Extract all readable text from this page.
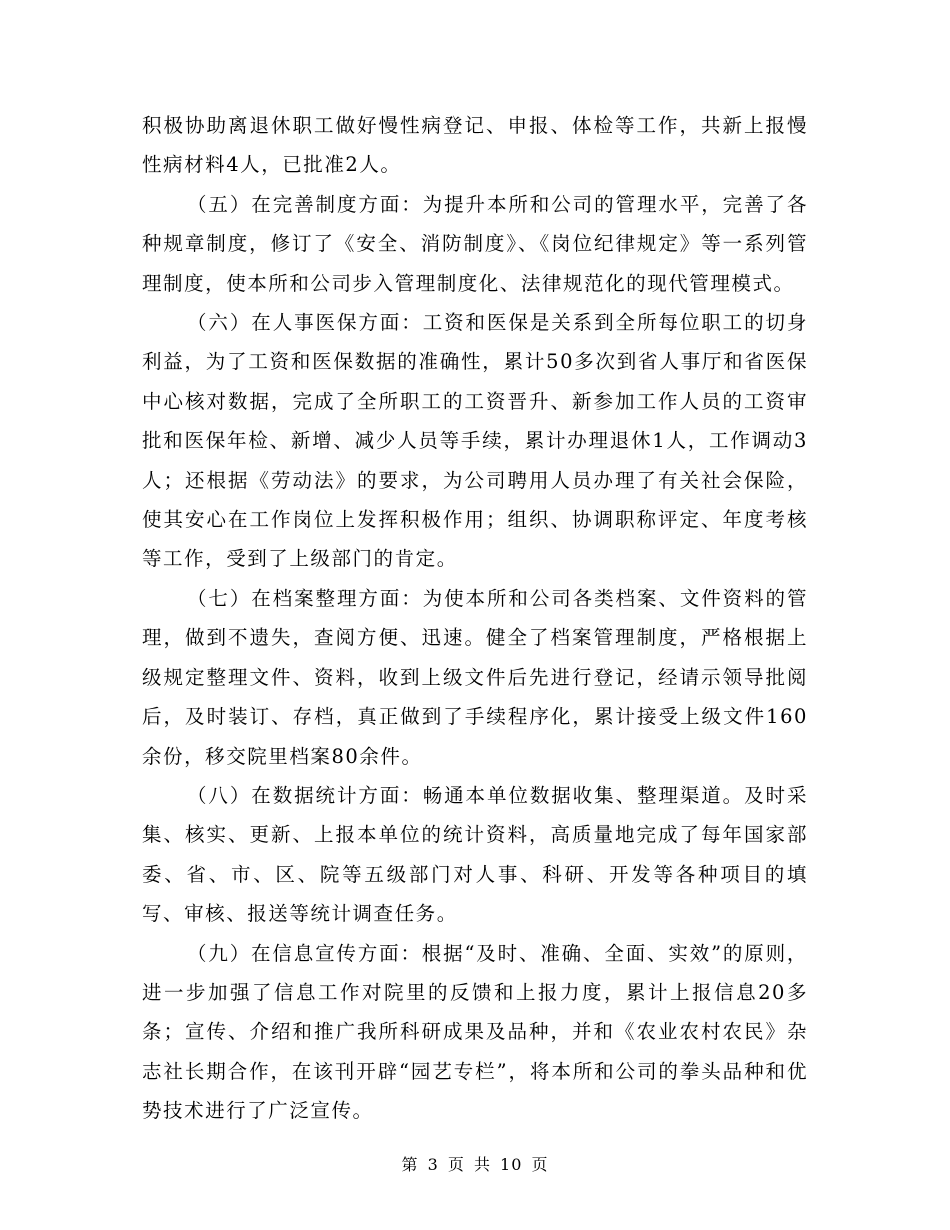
积极协助离退休职工做好慢性病登记、申报、体检等工作，共新上报慢性病材料4人，已批准2人。

（五）在完善制度方面：为提升本所和公司的管理水平，完善了各种规章制度，修订了《安全、消防制度》、《岗位纪律规定》等一系列管理制度，使本所和公司步入管理制度化、法律规范化的现代管理模式。

（六）在人事医保方面：工资和医保是关系到全所每位职工的切身利益，为了工资和医保数据的准确性，累计50多次到省人事厅和省医保中心核对数据，完成了全所职工的工资晋升、新参加工作人员的工资审批和医保年检、新增、减少人员等手续，累计办理退休1人，工作调动3人；还根据《劳动法》的要求，为公司聘用人员办理了有关社会保险，使其安心在工作岗位上发挥积极作用；组织、协调职称评定、年度考核等工作，受到了上级部门的肯定。

（七）在档案整理方面：为使本所和公司各类档案、文件资料的管理，做到不遗失，查阅方便、迅速。健全了档案管理制度，严格根据上级规定整理文件、资料，收到上级文件后先进行登记，经请示领导批阅后，及时装订、存档，真正做到了手续程序化，累计接受上级文件160余份，移交院里档案80余件。

（八）在数据统计方面：畅通本单位数据收集、整理渠道。及时采集、核实、更新、上报本单位的统计资料，高质量地完成了每年国家部委、省、市、区、院等五级部门对人事、科研、开发等各种项目的填写、审核、报送等统计调查任务。

（九）在信息宣传方面：根据“及时、准确、全面、实效”的原则，进一步加强了信息工作对院里的反馈和上报力度，累计上报信息20多条；宣传、介绍和推广我所科研成果及品种，并和《农业农村农民》杂志社长期合作，在该刊开辟“园艺专栏”，将本所和公司的拳头品种和优势技术进行了广泛宣传。

第 3 页 共 10 页
